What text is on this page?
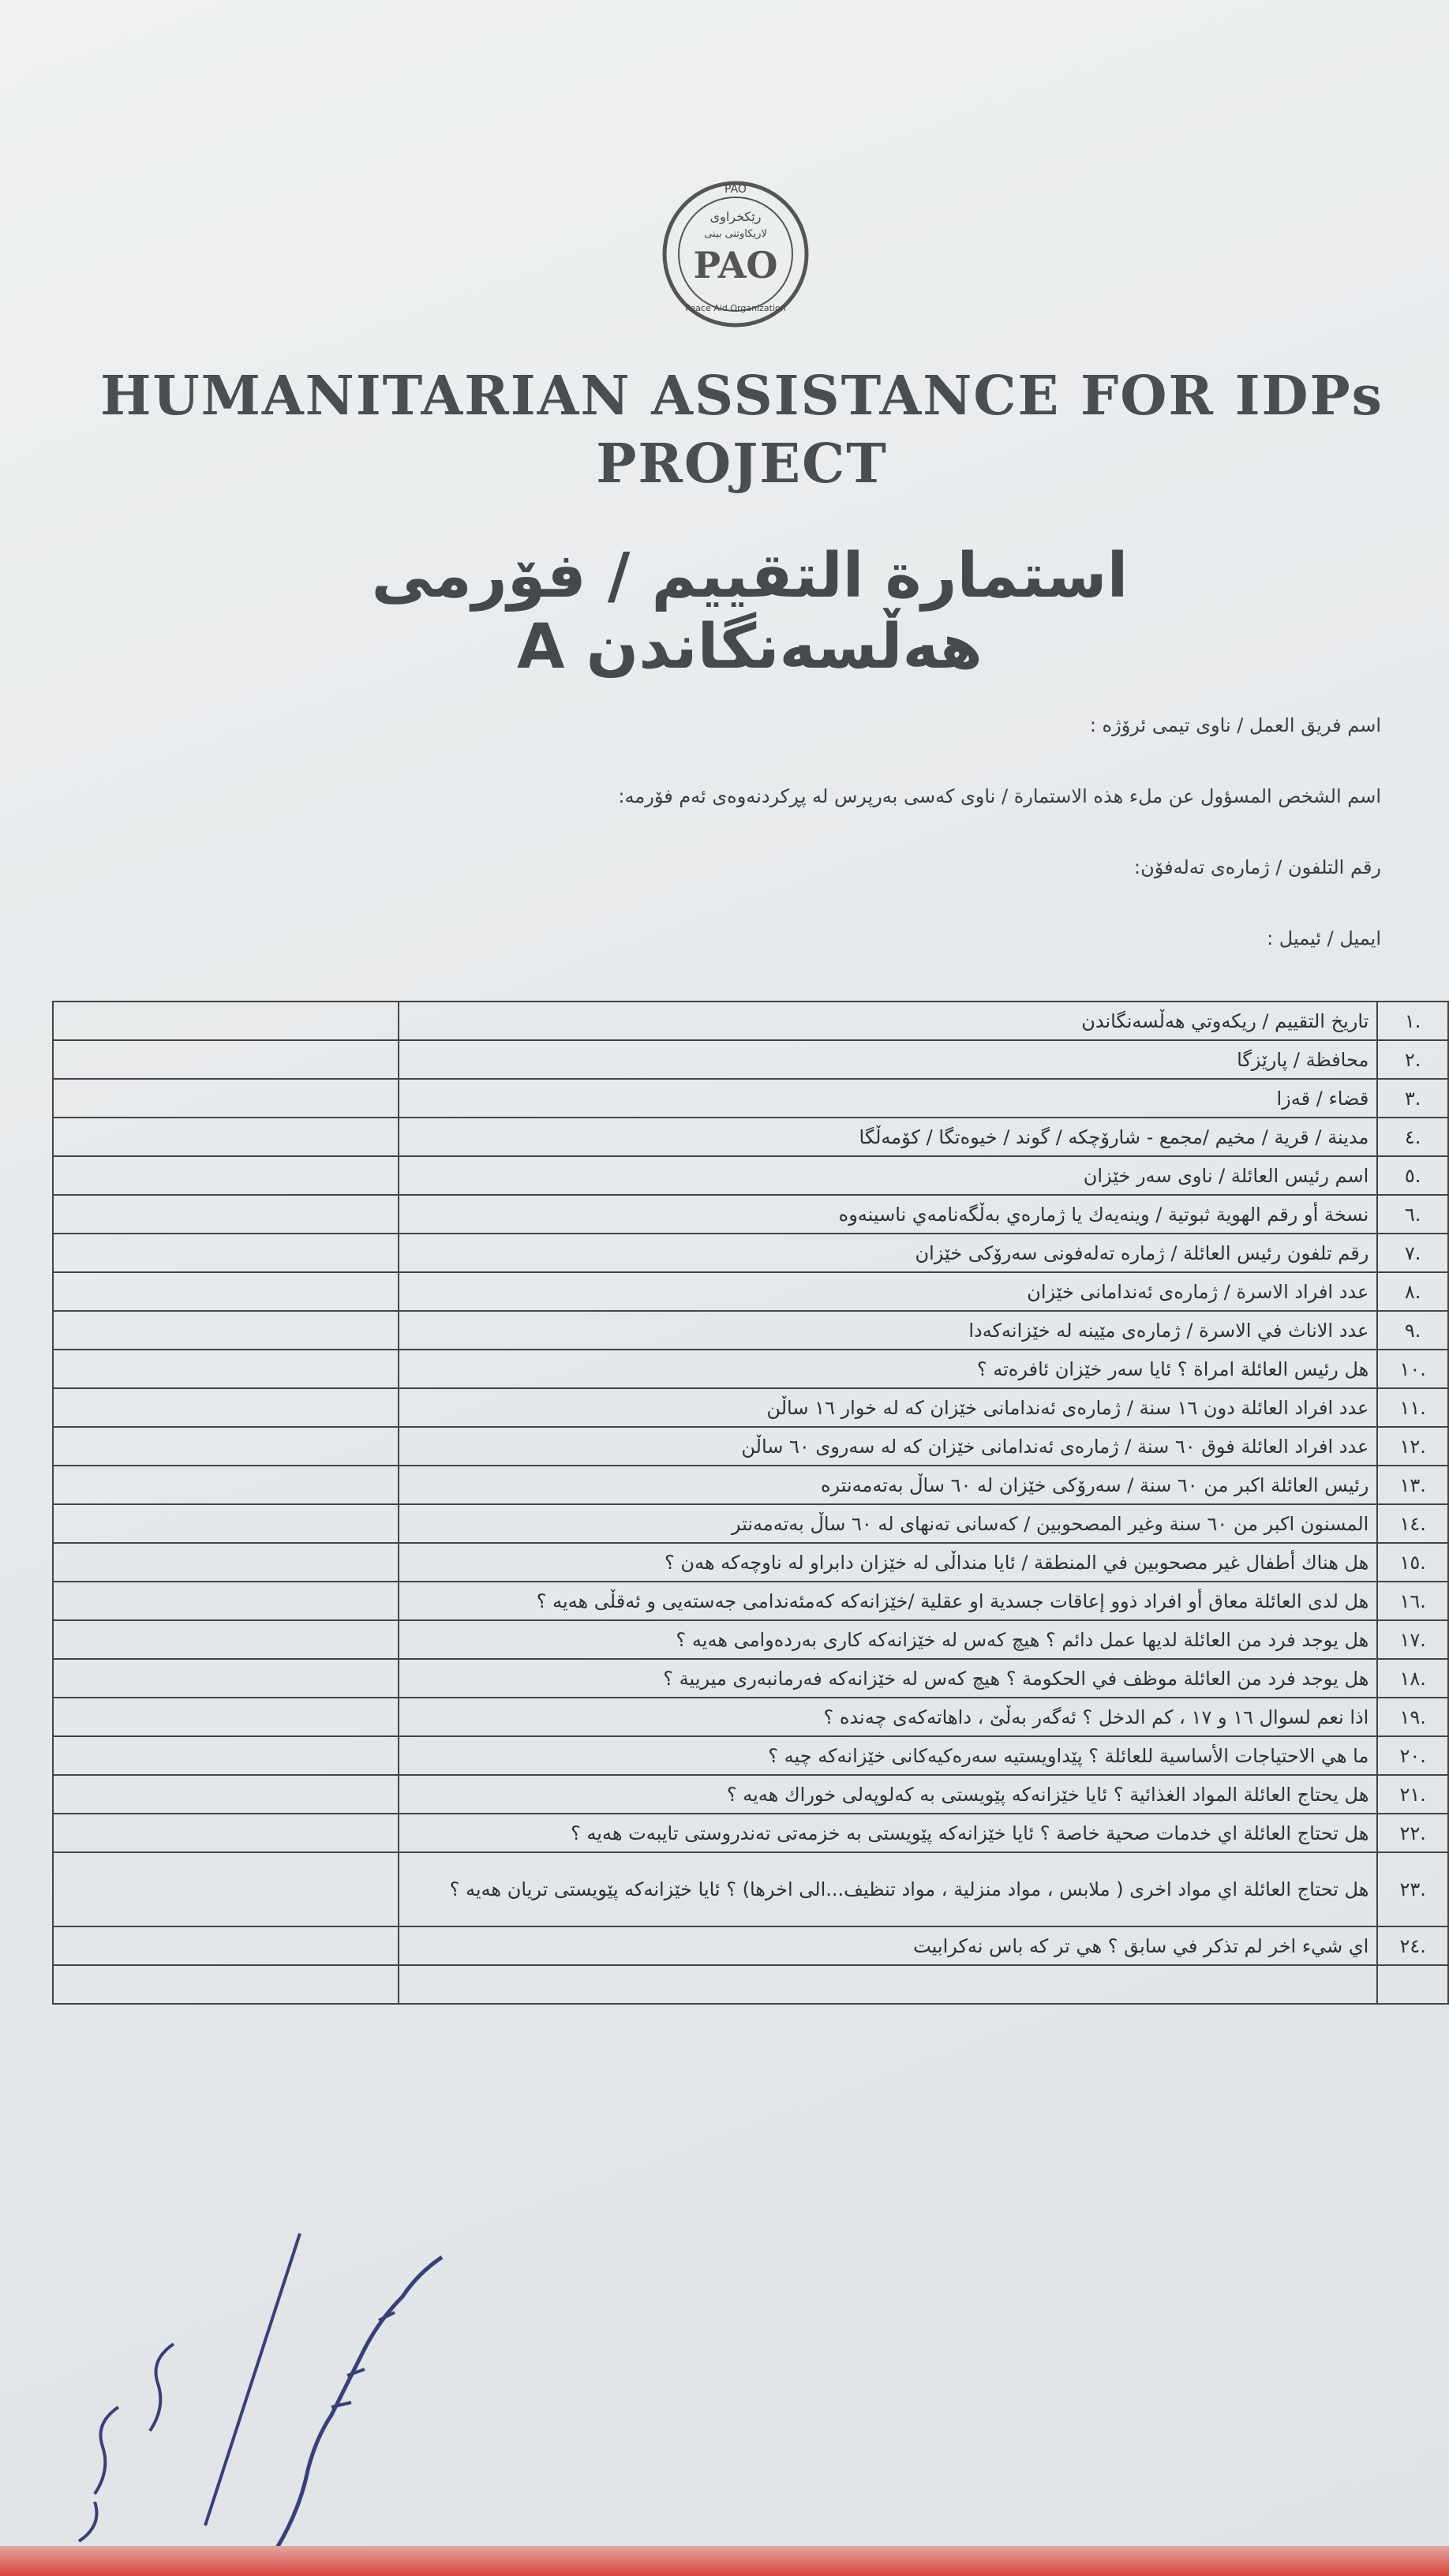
PAO
رێکخراوی
لاریکاوتنی بینی
PAO
Peace Aid Organization
HUMANITARIAN ASSISTANCE FOR IDPs
PROJECT
استمارة التقييم / فۆرمی هەڵسەنگاندن A
اسم فريق العمل / ناوی تیمی ئرۆژە :
اسم الشخص المسؤول عن ملء هذه الاستمارة / ناوی کەسی بەرپرس لە پڕکردنەوەی ئەم فۆرمە:
رقم التلفون / ژمارەی تەلەفۆن:
ایمیل / ئیمیل :
.١	تاريخ التقييم / ريكەوتي هەڵسەنگاندن	
.٢	محافظة / پارێزگا	
.٣	قضاء / قەزا	
.٤	مدينة / قرية / مخيم /مجمع - شارۆچكە / گوند / خيوەتگا / كۆمەڵگا	
.٥	اسم رئيس العائلة / ناوی سەر خێزان	
.٦	نسخة أو رقم الهوية ثبوتية / وينەيەك يا ژمارەي بەڵگەنامەي ناسينەوە	
.٧	رقم تلفون رئيس العائلة / ژمارە تەلەفونی سەرۆكی خێزان	
.٨	عدد افراد الاسرة / ژمارەی ئەندامانی خێزان	
.٩	عدد الاناث في الاسرة / ژمارەی مێينە لە خێزانەكەدا	
.١٠	هل رئيس العائلة امراة ؟ ئايا سەر خێزان ئافرەتە ؟	
.١١	عدد افراد العائلة دون ١٦ سنة / ژمارەی ئەندامانی خێزان كە لە خوار ١٦ ساڵن	
.١٢	عدد افراد العائلة فوق ٦٠ سنة / ژمارەی ئەندامانی خێزان كە لە سەروی ٦٠ ساڵن	
.١٣	رئيس العائلة اكبر من ٦٠ سنة / سەرۆكی خێزان لە ٦٠ ساڵ بەتەمەنترە	
.١٤	المسنون اكبر من ٦٠ سنة وغير المصحوبين / كەسانی تەنهای لە ٦٠ ساڵ بەتەمەنتر	
.١٥	هل هناك أطفال غير مصحوبين في المنطقة / ئايا منداڵی لە خێزان دابراو لە ناوچەكە هەن ؟	
.١٦	هل لدى العائلة معاق أو افراد ذوو إعاقات جسدية او عقلية /خێزانەكە كەمئەندامی جەستەیی و ئەقڵی هەیە ؟	
.١٧	هل يوجد فرد من العائلة لديها عمل دائم ؟ هيچ كەس لە خێزانەكە كاری بەردەوامی هەيە ؟	
.١٨	هل يوجد فرد من العائلة موظف في الحكومة ؟ هيچ كەس لە خێزانەكە فەرمانبەری ميريية ؟	
.١٩	اذا نعم لسوال ١٦ و ١٧ ، كم الدخل ؟ ئەگەر بەڵێ ، داهاتەكەی چەندە ؟	
.٢٠	ما هي الاحتياجات الأساسية للعائلة ؟ پێداويستيە سەرەكيەكانی خێزانەكە چيە ؟	
.٢١	هل يحتاج العائلة المواد الغذائية ؟ ئايا خێزانەكە پێويستی بە كەلوپەلی خوراك هەيە ؟	
.٢٢	هل تحتاج العائلة اي خدمات صحية خاصة ؟ ئايا خێزانەكە پێويستی بە خزمەتی تەندروستی تايبەت هەيە ؟	
.٢٣	هل تحتاج العائلة اي مواد اخرى ( ملابس ، مواد منزلية ، مواد تنظيف...الى اخرها) ؟ ئايا خێزانەكە پێويستی تريان هەيە ؟	
.٢٤	اي شيء اخر لم تذكر في سابق ؟ هي تر كە باس نەكرابيت	
